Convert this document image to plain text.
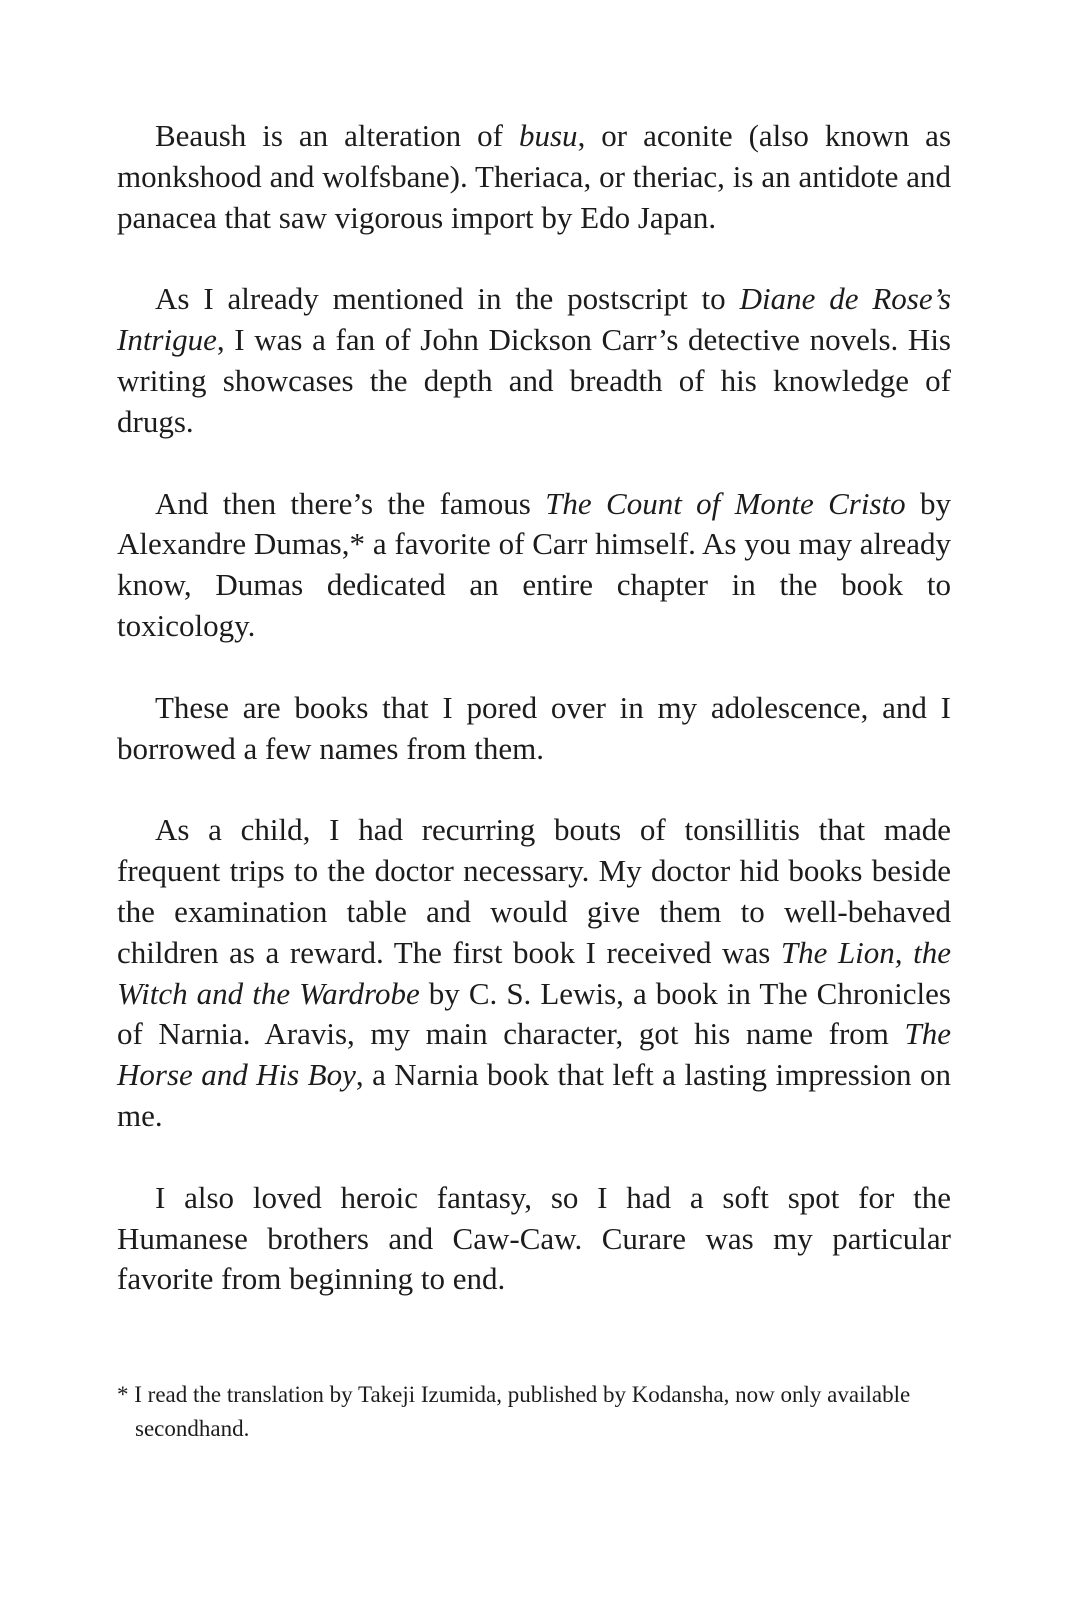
Beaush is an alteration of busu, or aconite (also known as monkshood and wolfsbane). Theriaca, or theriac, is an antidote and panacea that saw vigorous import by Edo Japan.

As I already mentioned in the postscript to Diane de Rose’s Intrigue, I was a fan of John Dickson Carr’s detective novels. His writing showcases the depth and breadth of his knowledge of drugs.

And then there’s the famous The Count of Monte Cristo by Alexandre Dumas,* a favorite of Carr himself. As you may already know, Dumas dedicated an entire chapter in the book to toxicology.

These are books that I pored over in my adolescence, and I borrowed a few names from them.

As a child, I had recurring bouts of tonsillitis that made frequent trips to the doctor necessary. My doctor hid books beside the examination table and would give them to well-behaved children as a reward. The first book I received was The Lion, the Witch and the Wardrobe by C. S. Lewis, a book in The Chronicles of Narnia. Aravis, my main character, got his name from The Horse and His Boy, a Narnia book that left a lasting impression on me.

I also loved heroic fantasy, so I had a soft spot for the Humanese brothers and Caw-Caw. Curare was my particular favorite from beginning to end.

* I read the translation by Takeji Izumida, published by Kodansha, now only available secondhand.
